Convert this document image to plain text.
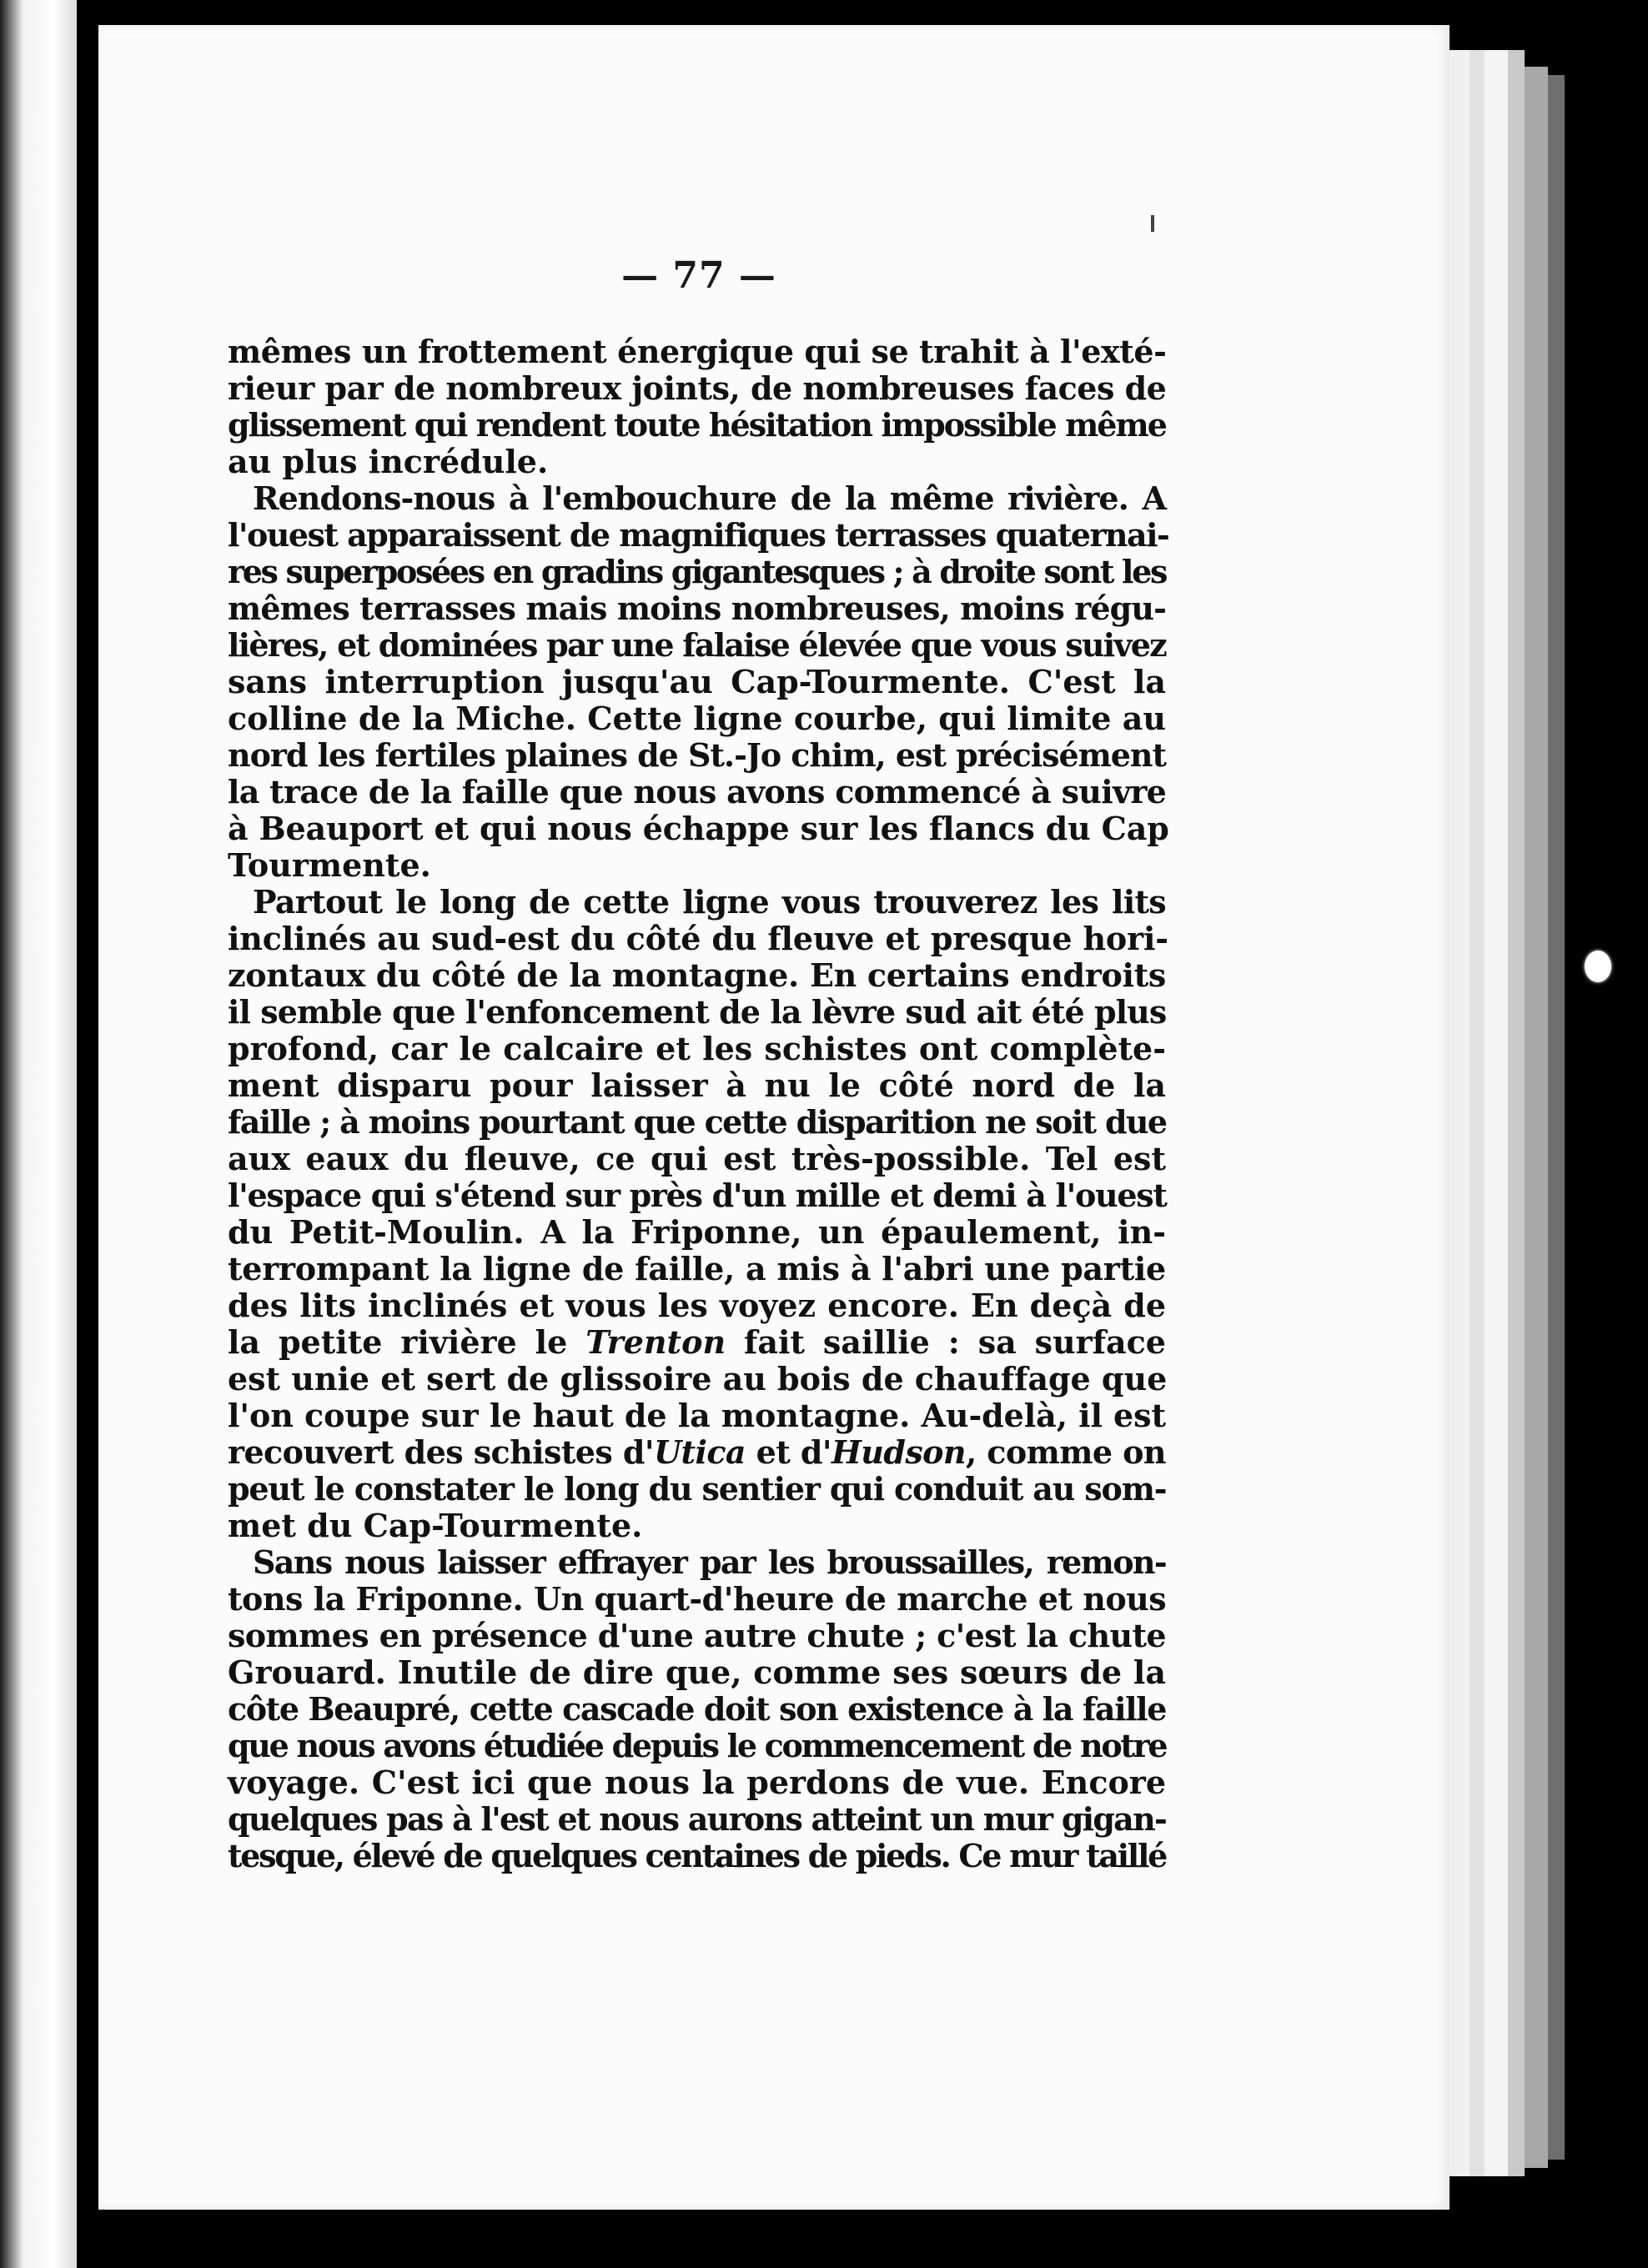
— 77 —
mêmes un frottement énergique qui se trahit à l'exté-
rieur par de nombreux joints, de nombreuses faces de
glissement qui rendent toute hésitation impossible même
au plus incrédule.
Rendons-nous à l'embouchure de la même rivière. A
l'ouest apparaissent de magnifiques terrasses quaternai-
res superposées en gradins gigantesques ; à droite sont les
mêmes terrasses mais moins nombreuses, moins régu-
lières, et dominées par une falaise élevée que vous suivez
sans interruption jusqu'au Cap-Tourmente. C'est la
colline de la Miche. Cette ligne courbe, qui limite au
nord les fertiles plaines de St.-Jo chim, est précisément
la trace de la faille que nous avons commencé à suivre
à Beauport et qui nous échappe sur les flancs du Cap
Tourmente.
Partout le long de cette ligne vous trouverez les lits
inclinés au sud-est du côté du fleuve et presque hori-
zontaux du côté de la montagne. En certains endroits
il semble que l'enfoncement de la lèvre sud ait été plus
profond, car le calcaire et les schistes ont complète-
ment disparu pour laisser à nu le côté nord de la
faille ; à moins pourtant que cette disparition ne soit due
aux eaux du fleuve, ce qui est très-possible. Tel est
l'espace qui s'étend sur près d'un mille et demi à l'ouest
du Petit-Moulin. A la Friponne, un épaulement, in-
terrompant la ligne de faille, a mis à l'abri une partie
des lits inclinés et vous les voyez encore. En deçà de
la petite rivière le Trenton fait saillie : sa surface
est unie et sert de glissoire au bois de chauffage que
l'on coupe sur le haut de la montagne. Au-delà, il est
recouvert des schistes d'Utica et d'Hudson, comme on
peut le constater le long du sentier qui conduit au som-
met du Cap-Tourmente.
Sans nous laisser effrayer par les broussailles, remon-
tons la Friponne. Un quart-d'heure de marche et nous
sommes en présence d'une autre chute ; c'est la chute
Grouard. Inutile de dire que, comme ses sœurs de la
côte Beaupré, cette cascade doit son existence à la faille
que nous avons étudiée depuis le commencement de notre
voyage. C'est ici que nous la perdons de vue. Encore
quelques pas à l'est et nous aurons atteint un mur gigan-
tesque, élevé de quelques centaines de pieds. Ce mur taillé
